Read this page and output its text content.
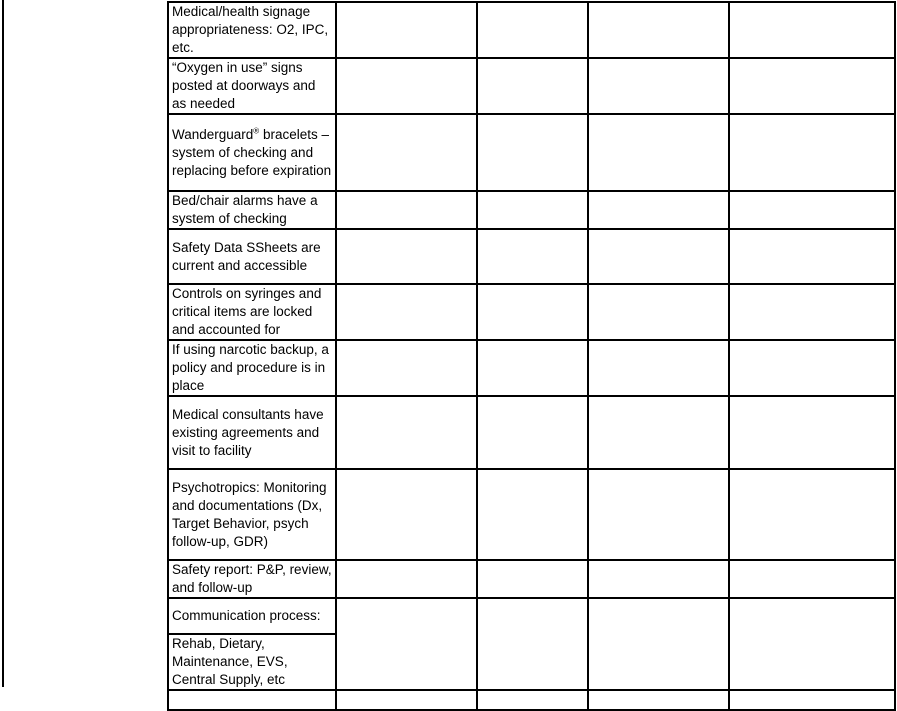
Medical/health signage appropriateness: O2, IPC, etc.				
“Oxygen in use” signs posted at doorways and as needed				
Wanderguard® bracelets – system of checking and replacing before expiration				
Bed/chair alarms have a system of checking				
Safety Data SSheets are current and accessible				
Controls on syringes and critical items are locked and accounted for				
If using narcotic backup, a policy and procedure is in place				
Medical consultants have existing agreements and visit to facility				
Psychotropics: Monitoring and documentations (Dx, Target Behavior, psych follow-up, GDR)				
Safety report: P&P, review, and follow-up				
Communication process:				
Rehab, Dietary, Maintenance, EVS, Central Supply, etc				
